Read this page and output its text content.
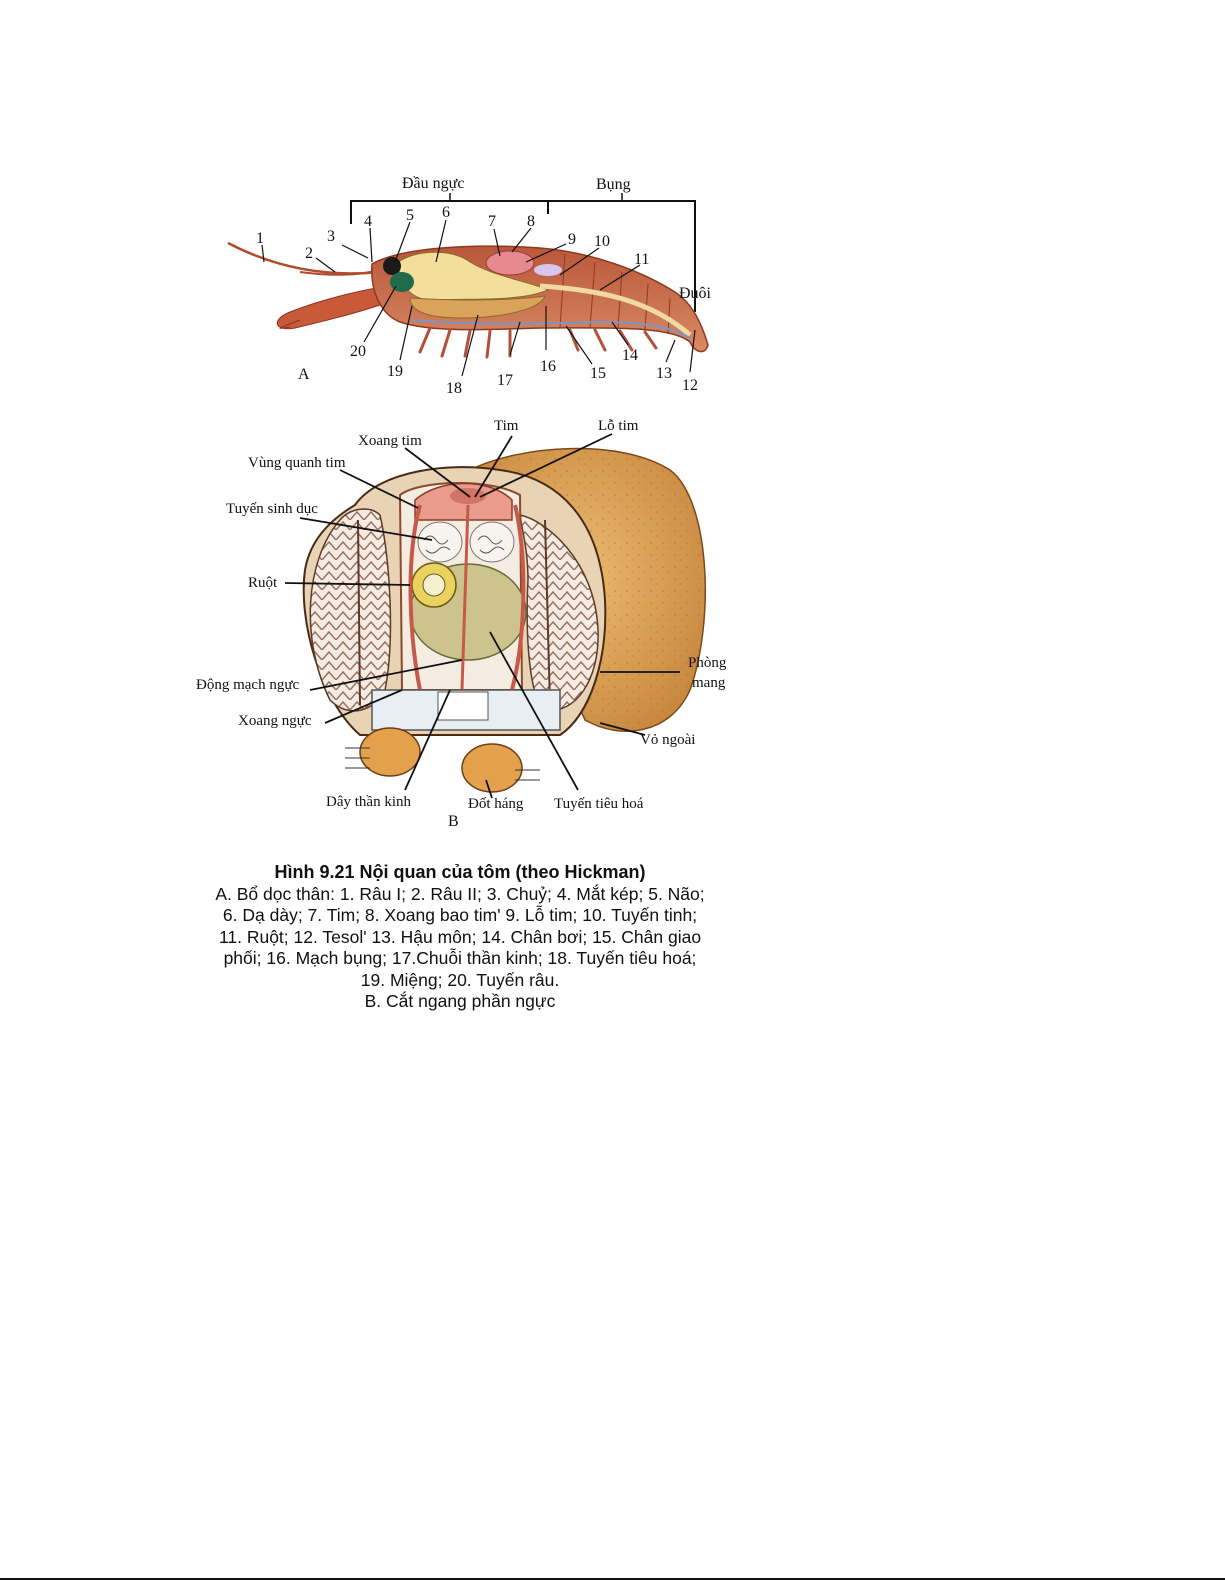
Đầu ngực	Bụng
Đuôi
1
2
3
4 5 6
7 8
9 10
11
12
13
14
15
16
17
18
19
20
A
Xoang tim
Tim	Lỗ tim
Vùng quanh tim
Tuyến sinh dục
Ruột
Phòng
mang
Động mạch ngực
Xoang ngực
Vỏ ngoài
Dây thần kinh	Đốt háng Tuyến tiêu hoá
B

Hình 9.21 Nội quan của tôm (theo Hickman)

A. Bổ dọc thân: 1. Râu I; 2. Râu II; 3. Chuỷ; 4. Mắt kép; 5. Não;

6. Dạ dày; 7. Tim; 8. Xoang bao tim' 9. Lỗ tim; 10. Tuyến tinh;

11. Ruột; 12. Tesol' 13. Hậu môn; 14. Chân bơi; 15. Chân giao

phối; 16. Mạch bụng; 17.Chuỗi thần kinh; 18. Tuyến tiêu hoá;

19. Miệng; 20. Tuyến râu.

B. Cắt ngang phần ngực
